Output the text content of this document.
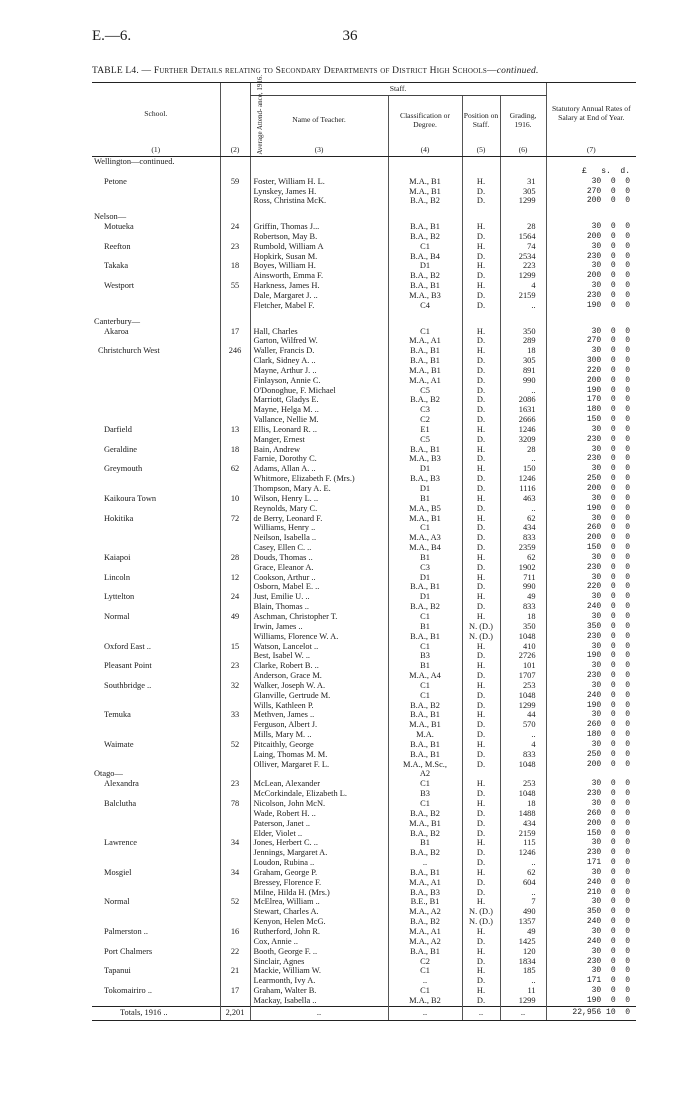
E.—6.	36
TABLE L4. — Further Details relating to Secondary Departments of District High Schools—continued.
School.	Average Attend- ance, 1916.	Staff.				Statutory Annual Rates of Salary at End of Year.
		Name of Teacher.	Classification or Degree.	Position on Staff.	Grading, 1916.	
(1)	(2)	(3)	(4)	(5)	(6)	(7)
Wellington—continued.						
						£   s.  d.
Petone	59	Foster, William H. L.	M.A., B1	H.	31	30  0  0
		Lynskey, James H.	M.A., B1	D.	305	270  0  0
		Ross, Christina McK.	B.A., B2	D.	1299	200  0  0

Nelson—						
Motueka	24	Griffin, Thomas J...	B.A., B1	H.	28	30  0  0
		Robertson, May B.	B.A., B2	D.	1564	200  0  0
Reefton	23	Rumbold, William A	C1	H.	74	30  0  0
		Hopkirk, Susan M.	B.A., B4	D.	2534	230  0  0
Takaka	18	Boyes, William H.	D1	H.	223	30  0  0
		Ainsworth, Emma F.	B.A., B2	D.	1299	200  0  0
Westport	55	Harkness, James H.	B.A., B1	H.	4	30  0  0
		Dale, Margaret J. ..	M.A., B3	D.	2159	230  0  0
		Fletcher, Mabel F.	C4	D.	..	190  0  0

Canterbury—						
Akaroa	17	Hall, Charles	C1	H.	350	30  0  0
		Garton, Wilfred W.	M.A., A1	D.	289	270  0  0
Christchurch West	246	Waller, Francis D.	B.A., B1	H.	18	30  0  0
		Clark, Sidney A. ..	B.A., B1	D.	305	300  0  0
		Mayne, Arthur J. ..	M.A., B1	D.	891	220  0  0
		Finlayson, Annie C.	M.A., A1	D.	990	200  0  0
		O'Donoghue, F. Michael	C5	D.	..	190  0  0
		Marriott, Gladys E.	B.A., B2	D.	2086	170  0  0
		Mayne, Helga M. ..	C3	D.	1631	180  0  0
		Vallance, Nellie M.	C2	D.	2666	150  0  0
Darfield	13	Ellis, Leonard R. ..	E1	H.	1246	30  0  0
		Manger, Ernest	C5	D.	3209	230  0  0
Geraldine	18	Bain, Andrew	B.A., B1	H.	28	30  0  0
		Farnie, Dorothy C.	M.A., B3	D.	..	230  0  0
Greymouth	62	Adams, Allan A. ..	D1	H.	150	30  0  0
		Whitmore, Elizabeth F. (Mrs.)	B.A., B3	D.	1246	250  0  0
		Thompson, Mary A. E.	D1	D.	1116	200  0  0
Kaikoura Town	10	Wilson, Henry L. ..	B1	H.	463	30  0  0
		Reynolds, Mary C.	M.A., B5	D.	..	190  0  0
Hokitika	72	de Berry, Leonard F.	M.A., B1	H.	62	30  0  0
		Williams, Henry ..	C1	D.	434	260  0  0
		Neilson, Isabella ..	M.A., A3	D.	833	200  0  0
		Casey, Ellen C. ..	M.A., B4	D.	2359	150  0  0
Kaiapoi	28	Douds, Thomas ..	B1	H.	62	30  0  0
		Grace, Eleanor A.	C3	D.	1902	230  0  0
Lincoln	12	Cookson, Arthur ..	D1	H.	711	30  0  0
		Osborn, Mabel E. ..	B.A., B1	D.	990	220  0  0
Lyttelton	24	Just, Emilie U. ..	D1	H.	49	30  0  0
		Blain, Thomas ..	B.A., B2	D.	833	240  0  0
Normal	49	Aschman, Christopher T.	C1	H.	18	30  0  0
		Irwin, James ..	B1	N. (D.)	350	350  0  0
		Williams, Florence W. A.	B.A., B1	N. (D.)	1048	230  0  0
Oxford East ..	15	Watson, Lancelot ..	C1	H.	410	30  0  0
		Best, Isabel W. ..	B3	D.	2726	190  0  0
Pleasant Point	23	Clarke, Robert B. ..	B1	H.	101	30  0  0
		Anderson, Grace M.	M.A., A4	D.	1707	230  0  0
Southbridge ..	32	Walker, Joseph W. A.	C1	H.	253	30  0  0
		Glanville, Gertrude M.	C1	D.	1048	240  0  0
		Wills, Kathleen P.	B.A., B2	D.	1299	190  0  0
Temuka	33	Methven, James ..	B.A., B1	H.	44	30  0  0
		Ferguson, Albert J.	M.A., B1	D.	570	260  0  0
		Mills, Mary M. ..	M.A.	D.	..	180  0  0
Waimate	52	Pitcaithly, George	B.A., B1	H.	4	30  0  0
		Laing, Thomas M. M.	B.A., B1	D.	833	250  0  0
		Olliver, Margaret F. L.	M.A., M.Sc.,	D.	1048	200  0  0
Otago—			A2			
Alexandra	23	McLean, Alexander	C1	H.	253	30  0  0
		McCorkindale, Elizabeth L.	B3	D.	1048	230  0  0
Balclutha	78	Nicolson, John McN.	C1	H.	18	30  0  0
		Wade, Robert H. ..	B.A., B2	D.	1488	260  0  0
		Paterson, Janet ..	M.A., B1	D.	434	200  0  0
		Elder, Violet ..	B.A., B2	D.	2159	150  0  0
Lawrence	34	Jones, Herbert C. ..	B1	H.	115	30  0  0
		Jennings, Margaret A.	B.A., B2	D.	1246	230  0  0
		Loudon, Rubina ..	..	D.	..	171  0  0
Mosgiel	34	Graham, George P.	B.A., B1	H.	62	30  0  0
		Bressey, Florence F.	M.A., A1	D.	604	240  0  0
		Milne, Hilda H. (Mrs.)	B.A., B3	D.	..	210  0  0
Normal	52	McElrea, William ..	B.E., B1	H.	7	30  0  0
		Stewart, Charles A.	M.A., A2	N. (D.)	490	350  0  0
		Kenyon, Helen McG.	B.A., B2	N. (D.)	1357	240  0  0
Palmerston ..	16	Rutherford, John R.	M.A., A1	H.	49	30  0  0
		Cox, Annie ..	M.A., A2	D.	1425	240  0  0
Port Chalmers	22	Booth, George F. ..	B.A., B1	H.	120	30  0  0
		Sinclair, Agnes	C2	D.	1834	230  0  0
Tapanui	21	Mackie, William W.	C1	H.	185	30  0  0
		Learmonth, Ivy A.	..	D.	..	171  0  0
Tokomairiro ..	17	Graham, Walter B.	C1	H.	11	30  0  0
		Mackay, Isabella ..	M.A., B2	D.	1299	190  0  0
Totals, 1916 ..	2,201	..	..	..	..	22,956 10  0
